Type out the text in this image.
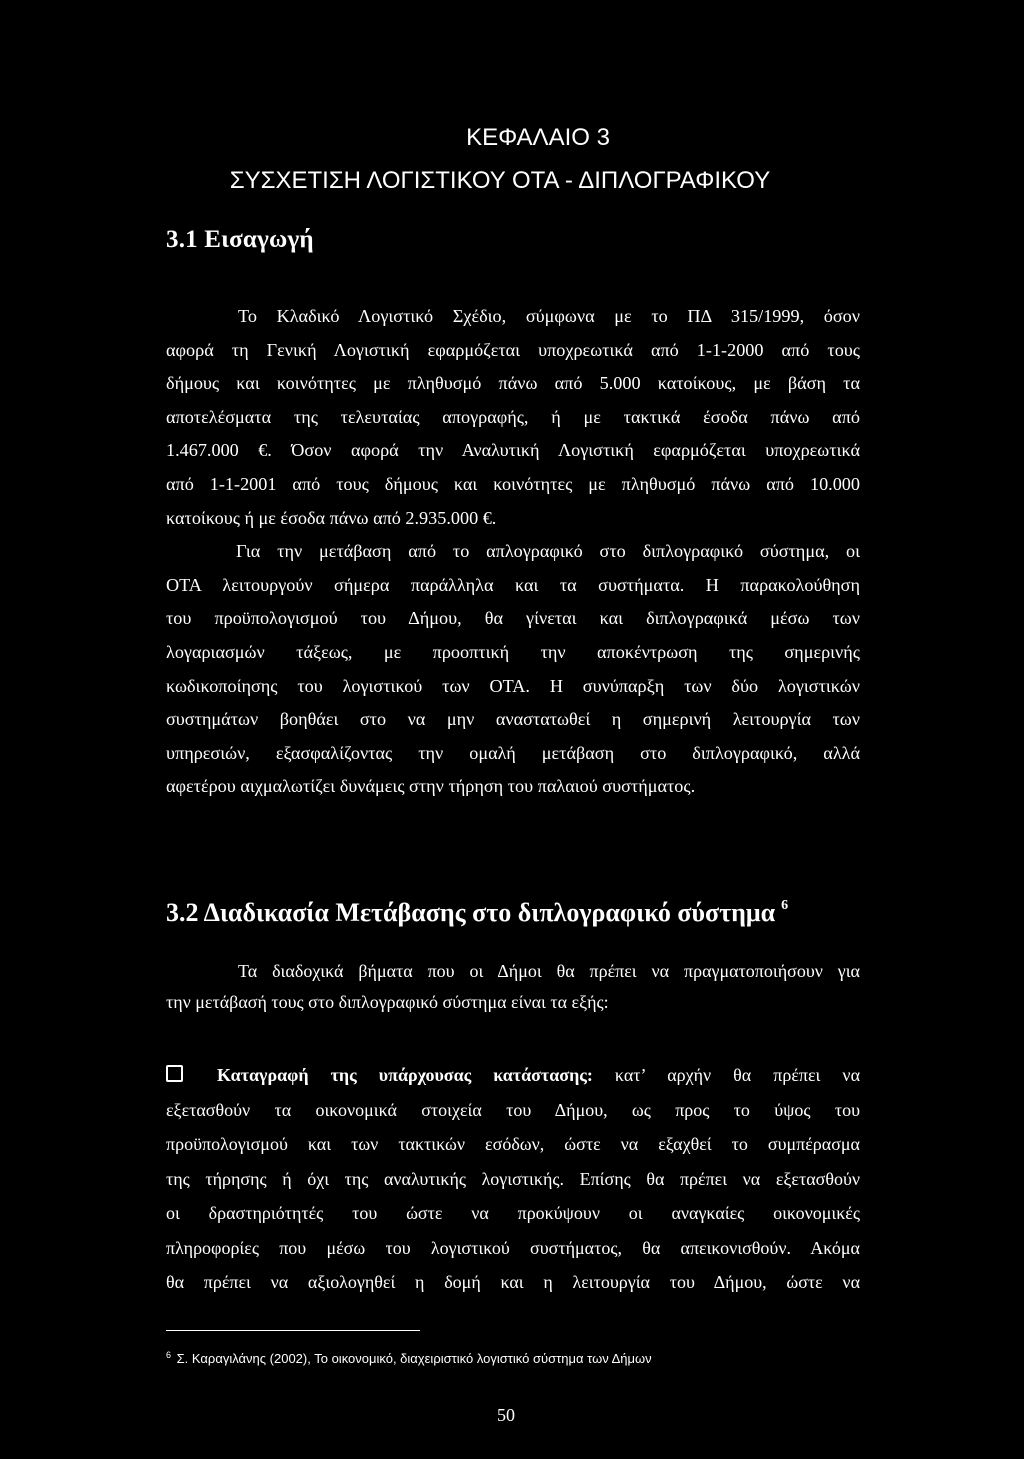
ΚΕΦΑΛΑΙΟ 3
ΣΥΣΧΕΤΙΣΗ ΛΟΓΙΣΤΙΚΟΥ ΟΤΑ - ΔΙΠΛΟΓΡΑΦΙΚΟΥ
3.1 Εισαγωγή
Το Κλαδικό Λογιστικό Σχέδιο, σύμφωνα με το ΠΔ 315/1999, όσον
αφορά τη Γενική Λογιστική εφαρμόζεται υποχρεωτικά από 1-1-2000 από τους
δήμους και κοινότητες με πληθυσμό πάνω από 5.000 κατοίκους, με βάση τα
αποτελέσματα της τελευταίας απογραφής, ή με τακτικά έσοδα πάνω από
1.467.000 €. Όσον αφορά την Αναλυτική Λογιστική εφαρμόζεται υποχρεωτικά
από 1-1-2001 από τους δήμους και κοινότητες με πληθυσμό πάνω από 10.000
κατοίκους ή με έσοδα πάνω από 2.935.000 €.
Για την μετάβαση από το απλογραφικό στο διπλογραφικό σύστημα, οι
ΟΤΑ λειτουργούν σήμερα παράλληλα και τα συστήματα. Η παρακολούθηση
του προϋπολογισμού του Δήμου, θα γίνεται και διπλογραφικά μέσω των
λογαριασμών τάξεως, με προοπτική την αποκέντρωση της σημερινής
κωδικοποίησης του λογιστικού των ΟΤΑ. Η συνύπαρξη των δύο λογιστικών
συστημάτων βοηθάει στο να μην αναστατωθεί η σημερινή λειτουργία των
υπηρεσιών, εξασφαλίζοντας την ομαλή μετάβαση στο διπλογραφικό, αλλά
αφετέρου αιχμαλωτίζει δυνάμεις στην τήρηση του παλαιού συστήματος.
3.2 Διαδικασία Μετάβασης στο διπλογραφικό σύστημα $^6$
Τα διαδοχικά βήματα που οι Δήμοι θα πρέπει να πραγματοποιήσουν για
την μετάβασή τους στο διπλογραφικό σύστημα είναι τα εξής:
Καταγραφή της υπάρχουσας κατάστασης: κατ’ αρχήν θα πρέπει να
εξετασθούν τα οικονομικά στοιχεία του Δήμου, ως προς το ύψος του
προϋπολογισμού και των τακτικών εσόδων, ώστε να εξαχθεί το συμπέρασμα
της τήρησης ή όχι της αναλυτικής λογιστικής. Επίσης θα πρέπει να εξετασθούν
οι δραστηριότητές του ώστε να προκύψουν οι αναγκαίες οικονομικές
πληροφορίες που μέσω του λογιστικού συστήματος, θα απεικονισθούν. Ακόμα
θα πρέπει να αξιολογηθεί η δομή και η λειτουργία του Δήμου, ώστε να
$^6$ Σ. Καραγιλάνης (2002), Το οικονομικό, διαχειριστικό λογιστικό σύστημα των Δήμων
50
